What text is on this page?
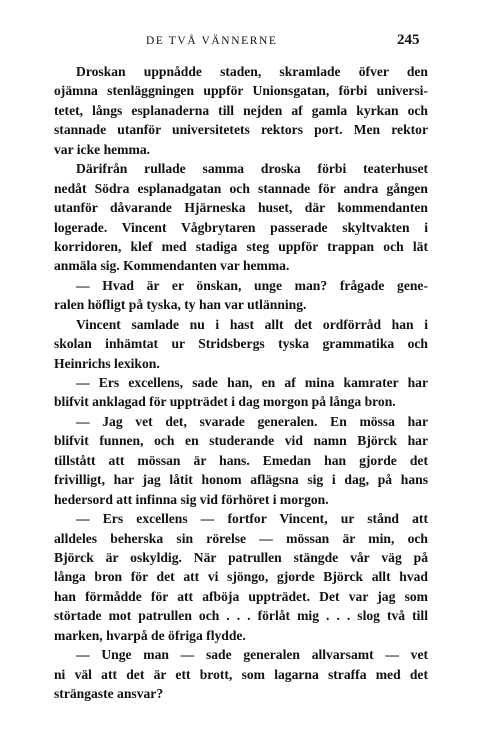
DE TVÅ VÄNNERNE	245
Droskan uppnådde staden, skramlade öfver den
ojämna stenläggningen uppför Unionsgatan, förbi universi-
tetet, långs esplanaderna till nejden af gamla kyrkan och
stannade utanför universitetets rektors port. Men rektor
var icke hemma.
Därifrån rullade samma droska förbi teaterhuset
nedåt Södra esplanadgatan och stannade för andra gången
utanför dåvarande Hjärneska huset, där kommendanten
logerade. Vincent Vågbrytaren passerade skyltvakten i
korridoren, klef med stadiga steg uppför trappan och lät
anmäla sig. Kommendanten var hemma.
— Hvad är er önskan, unge man? frågade gene-
ralen höfligt på tyska, ty han var utlänning.
Vincent samlade nu i hast allt det ordförråd han i
skolan inhämtat ur Stridsbergs tyska grammatika och
Heinrichs lexikon.
— Ers excellens, sade han, en af mina kamrater har
blifvit anklagad för uppträdet i dag morgon på långa bron.
— Jag vet det, svarade generalen. En mössa har
blifvit funnen, och en studerande vid namn Björck har
tillstått att mössan är hans. Emedan han gjorde det
frivilligt, har jag låtit honom aflägsna sig i dag, på hans
hedersord att infinna sig vid förhöret i morgon.
— Ers excellens — fortfor Vincent, ur stånd att
alldeles beherska sin rörelse — mössan är min, och
Björck är oskyldig. När patrullen stängde vår väg på
långa bron för det att vi sjöngo, gjorde Björck allt hvad
han förmådde för att afböja uppträdet. Det var jag som
störtade mot patrullen och . . . förlåt mig . . . slog två till
marken, hvarpå de öfriga flydde.
— Unge man — sade generalen allvarsamt — vet
ni väl att det är ett brott, som lagarna straffa med det
strängaste ansvar?
